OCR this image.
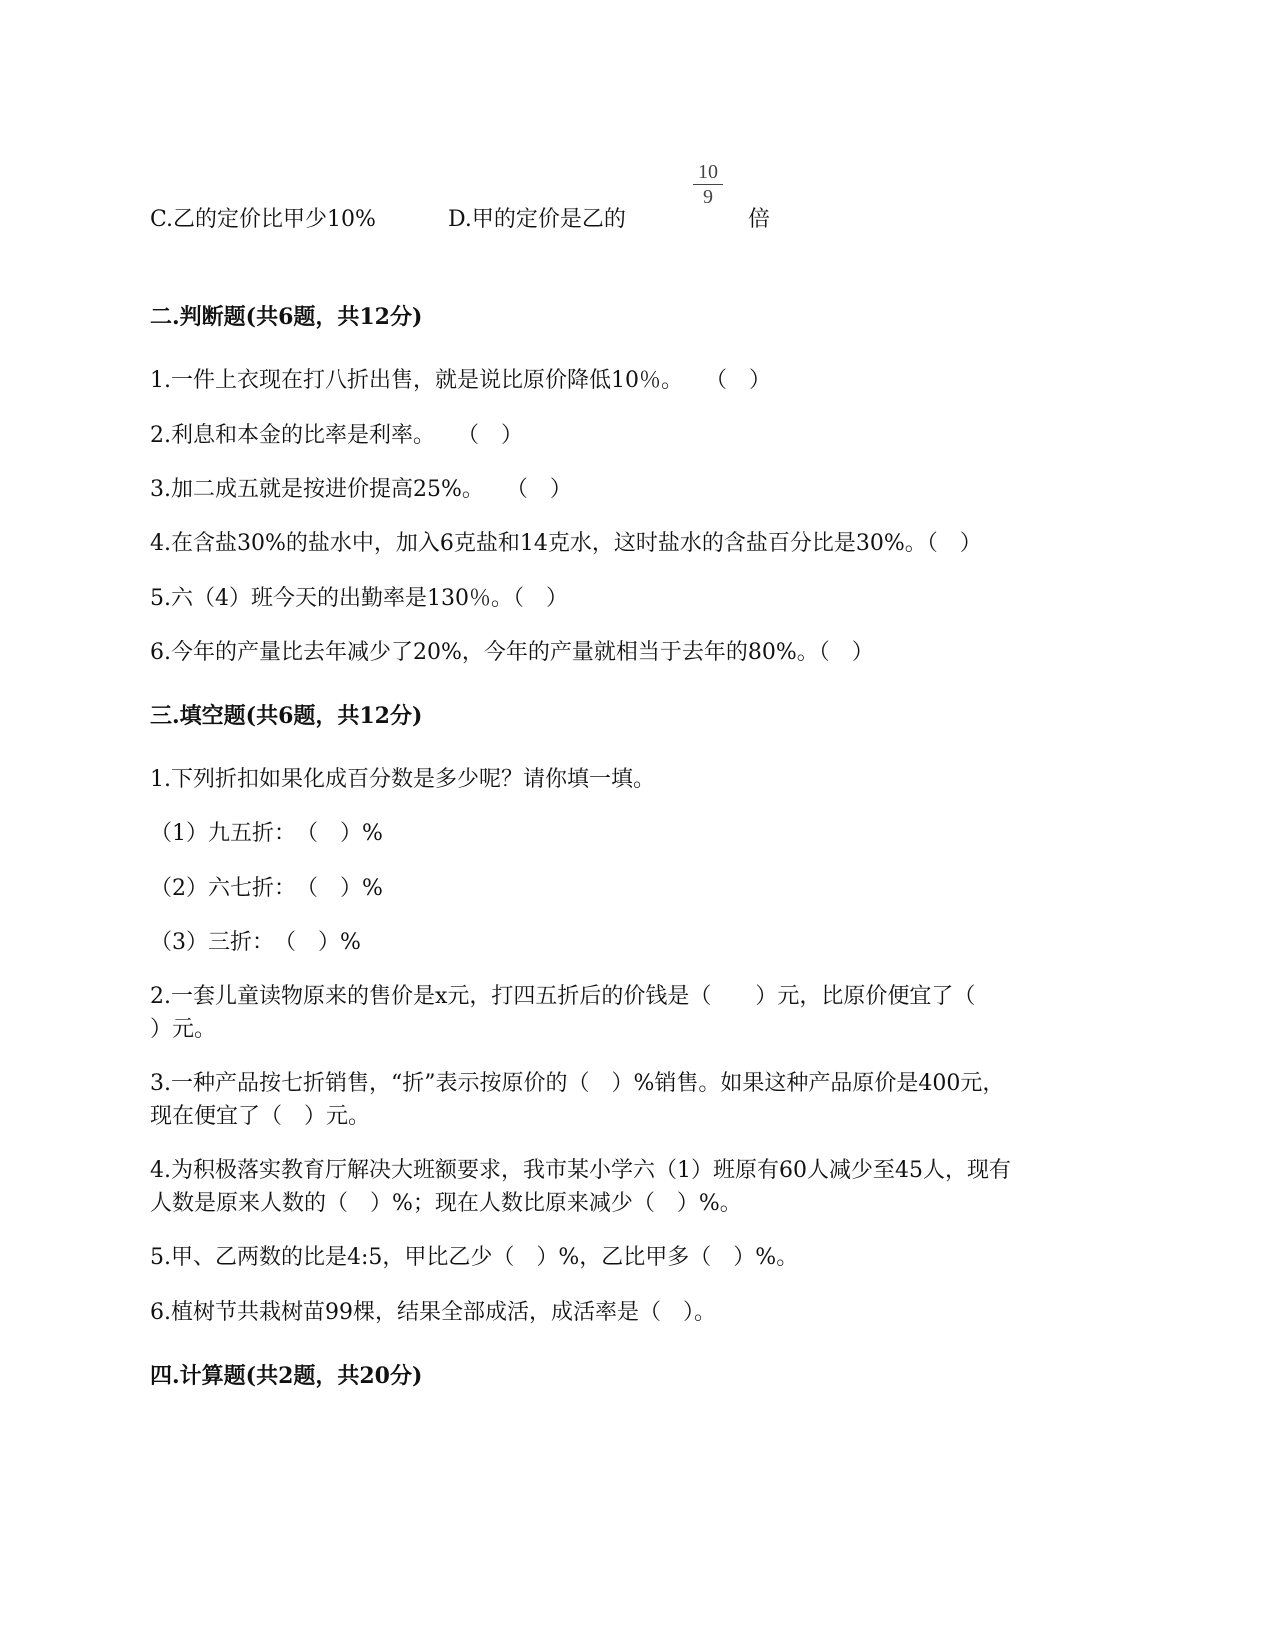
C.乙的定价比甲少10%	D.甲的定价是乙的

10
9

倍

二.判断题(共6题，共12分)

1.一件上衣现在打八折出售，就是说比原价降低10％。　　（　）

2.利息和本金的比率是利率。　　（　）

3.加二成五就是按进价提高25%。　　（　）

4.在含盐30%的盐水中，加入6克盐和14克水，这时盐水的含盐百分比是30%。（　）

5.六（4）班今天的出勤率是130％。（　）

6.今年的产量比去年减少了20%，今年的产量就相当于去年的80%。（　）

三.填空题(共6题，共12分)

1.下列折扣如果化成百分数是多少呢？请你填一填。

（1）九五折：　（　）%

（2）六七折：　（　）%

（3）三折：　（　）%

2.一套儿童读物原来的售价是x元，打四五折后的价钱是（　　）元，比原价便宜了（

）元。

3.一种产品按七折销售，“折”表示按原价的（　）%销售。如果这种产品原价是400元，

现在便宜了（　）元。

4.为积极落实教育厅解决大班额要求，我市某小学六（1）班原有60人减少至45人，现有

人数是原来人数的（　）%；现在人数比原来减少（　）%。

5.甲、乙两数的比是4:5，甲比乙少（　）%，乙比甲多（　）%。

6.植树节共栽树苗99棵，结果全部成活，成活率是（　）。

四.计算题(共2题，共20分)
